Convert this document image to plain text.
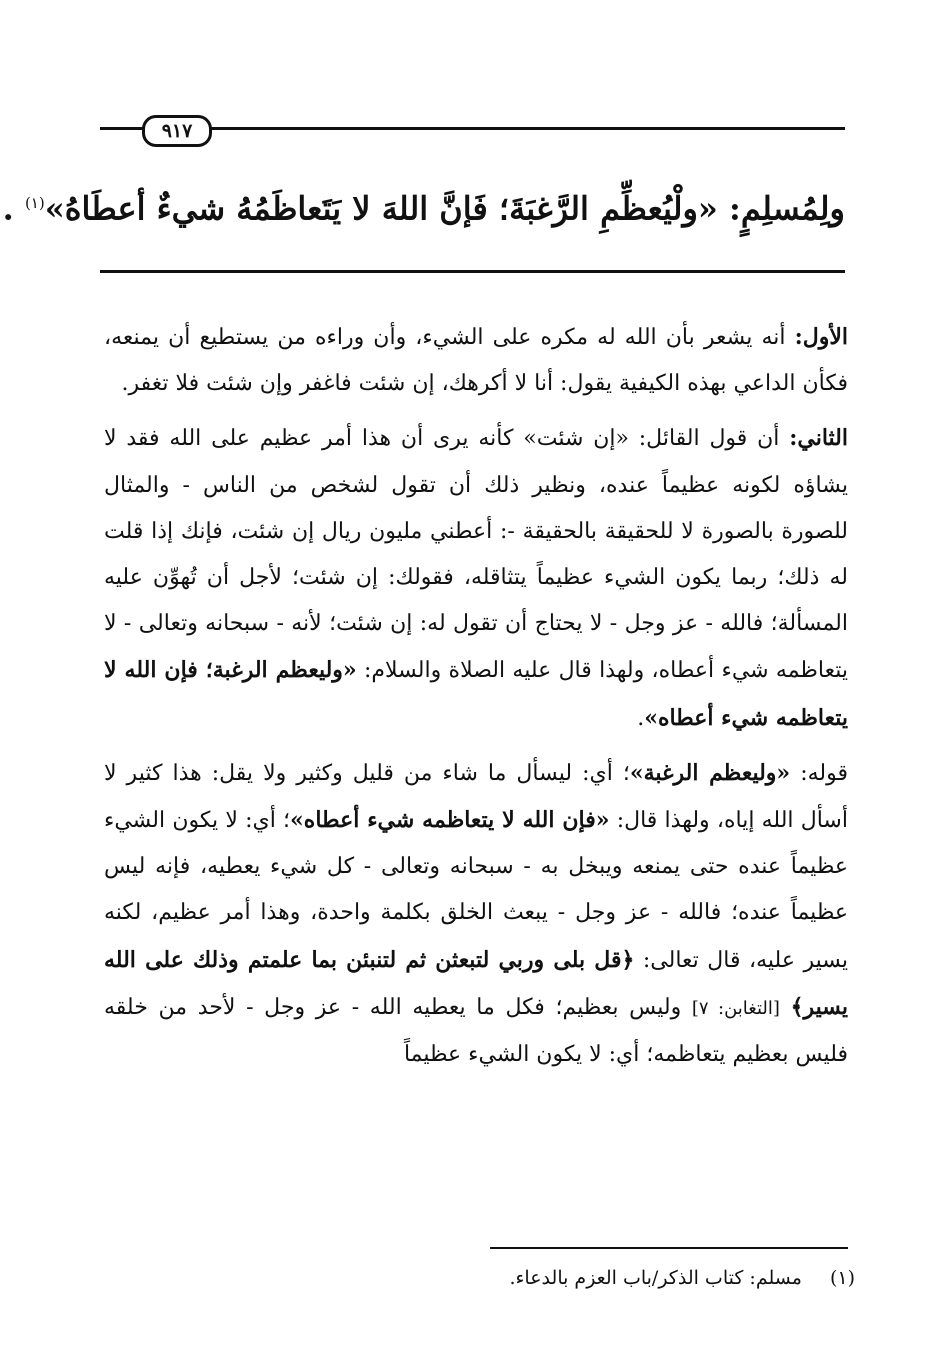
٩١٧
ولِمُسلِمٍ: «ولْيُعظِّمِ الرَّغبَةَ؛ فَإنَّ اللهَ لا يَتَعاظَمُهُ شيءٌ أعطَاهُ»$^{(١)}$ .

الأول: أنه يشعر بأن الله له مكره على الشيء، وأن وراءه من يستطيع أن يمنعه، فكأن الداعي بهذه الكيفية يقول: أنا لا أكرهك، إن شئت فاغفر وإن شئت فلا تغفر.

الثاني: أن قول القائل: «إن شئت» كأنه يرى أن هذا أمر عظيم على الله فقد لا يشاؤه لكونه عظيماً عنده، ونظير ذلك أن تقول لشخص من الناس - والمثال للصورة بالصورة لا للحقيقة بالحقيقة -: أعطني مليون ريال إن شئت، فإنك إذا قلت له ذلك؛ ربما يكون الشيء عظيماً يتثاقله، فقولك: إن شئت؛ لأجل أن تُهوِّن عليه المسألة؛ فالله - عز وجل - لا يحتاج أن تقول له: إن شئت؛ لأنه - سبحانه وتعالى - لا يتعاظمه شيء أعطاه، ولهذا قال عليه الصلاة والسلام: «وليعظم الرغبة؛ فإن الله لا يتعاظمه شيء أعطاه».

قوله: «وليعظم الرغبة»؛ أي: ليسأل ما شاء من قليل وكثير ولا يقل: هذا كثير لا أسأل الله إياه، ولهذا قال: «فإن الله لا يتعاظمه شيء أعطاه»؛ أي: لا يكون الشيء عظيماً عنده حتى يمنعه ويبخل به - سبحانه وتعالى - كل شيء يعطيه، فإنه ليس عظيماً عنده؛ فالله - عز وجل - يبعث الخلق بكلمة واحدة، وهذا أمر عظيم، لكنه يسير عليه، قال تعالى: ﴿قل بلى وربي لتبعثن ثم لتنبئن بما علمتم وذلك على الله يسير﴾ [التغابن: ٧] وليس بعظيم؛ فكل ما يعطيه الله - عز وجل - لأحد من خلقه فليس بعظيم يتعاظمه؛ أي: لا يكون الشيء عظيماً

(١) مسلم: كتاب الذكر/باب العزم بالدعاء.
